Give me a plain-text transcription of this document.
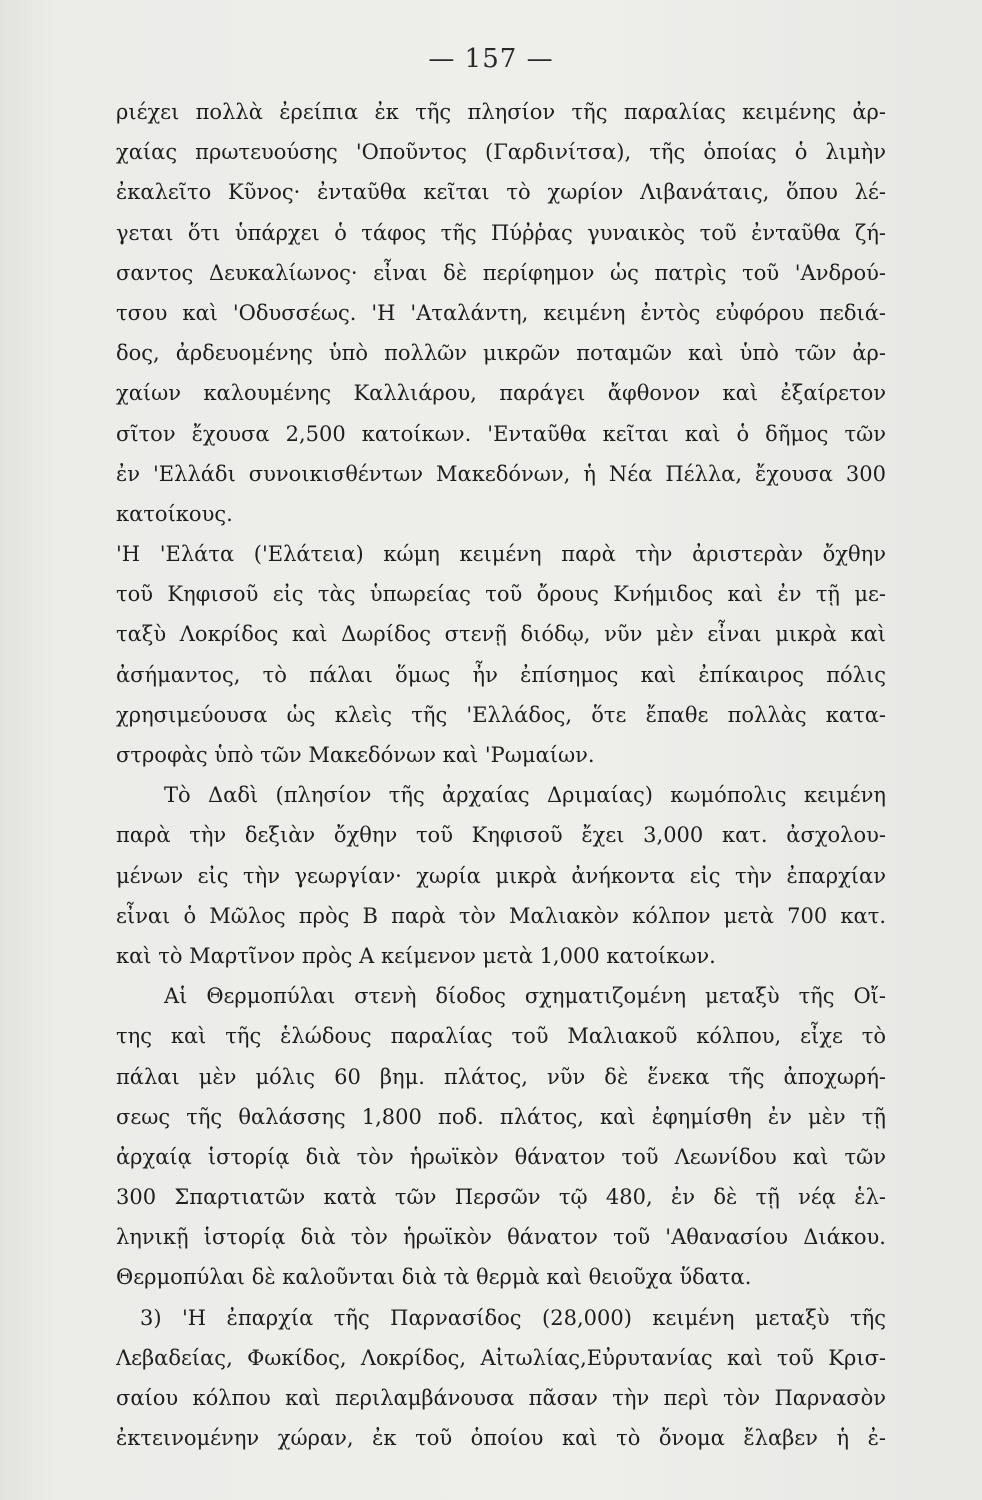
— 157 —
ριέχει πολλὰ ἐρείπια ἐκ τῆς πλησίον τῆς παραλίας κειμένης ἀρ-
χαίας πρωτευούσης 'Οποῦντος (Γαρδινίτσα), τῆς ὁποίας ὁ λιμὴν
ἐκαλεῖτο Κῦνος· ἐνταῦθα κεῖται τὸ χωρίον Λιβανάταις, ὅπου λέ-
γεται ὅτι ὑπάρχει ὁ τάφος τῆς Πύῤῥας γυναικὸς τοῦ ἐνταῦθα ζή-
σαντος Δευκαλίωνος· εἶναι δὲ περίφημον ὡς πατρὶς τοῦ 'Ανδρού-
τσου καὶ 'Οδυσσέως. 'Η 'Αταλάντη, κειμένη ἐντὸς εὐφόρου πεδιά-
δος, ἀρδευομένης ὑπὸ πολλῶν μικρῶν ποταμῶν καὶ ὑπὸ τῶν ἀρ-
χαίων καλουμένης Καλλιάρου, παράγει ἄφθονον καὶ ἐξαίρετον
σῖτον ἔχουσα 2,500 κατοίκων. 'Ενταῦθα κεῖται καὶ ὁ δῆμος τῶν
ἐν 'Ελλάδι συνοικισθέντων Μακεδόνων, ἡ Νέα Πέλλα, ἔχουσα 300
κατοίκους.
'Η 'Ελάτα ('Ελάτεια) κώμη κειμένη παρὰ τὴν ἀριστερὰν ὄχθην
τοῦ Κηφισοῦ εἰς τὰς ὑπωρείας τοῦ ὄρους Κνήμιδος καὶ ἐν τῇ με-
ταξὺ Λοκρίδος καὶ Δωρίδος στενῇ διόδῳ, νῦν μὲν εἶναι μικρὰ καὶ
ἀσήμαντος, τὸ πάλαι ὅμως ἦν ἐπίσημος καὶ ἐπίκαιρος πόλις
χρησιμεύουσα ὡς κλεὶς τῆς 'Ελλάδος, ὅτε ἔπαθε πολλὰς κατα-
στροφὰς ὑπὸ τῶν Μακεδόνων καὶ 'Ρωμαίων.
Τὸ Δαδὶ (πλησίον τῆς ἀρχαίας Δριμαίας) κωμόπολις κειμένη
παρὰ τὴν δεξιὰν ὄχθην τοῦ Κηφισοῦ ἔχει 3,000 κατ. ἀσχολου-
μένων εἰς τὴν γεωργίαν· χωρία μικρὰ ἀνήκοντα εἰς τὴν ἐπαρχίαν
εἶναι ὁ Μῶλος πρὸς Β παρὰ τὸν Μαλιακὸν κόλπον μετὰ 700 κατ.
καὶ τὸ Μαρτῖνον πρὸς Α κείμενον μετὰ 1,000 κατοίκων.
Αἱ Θερμοπύλαι στενὴ δίοδος σχηματιζομένη μεταξὺ τῆς Οἴ-
της καὶ τῆς ἑλώδους παραλίας τοῦ Μαλιακοῦ κόλπου, εἶχε τὸ
πάλαι μὲν μόλις 60 βημ. πλάτος, νῦν δὲ ἕνεκα τῆς ἀποχωρή-
σεως τῆς θαλάσσης 1,800 ποδ. πλάτος, καὶ ἐφημίσθη ἐν μὲν τῇ
ἀρχαίᾳ ἱστορίᾳ διὰ τὸν ἡρωϊκὸν θάνατον τοῦ Λεωνίδου καὶ τῶν
300 Σπαρτιατῶν κατὰ τῶν Περσῶν τῷ 480, ἐν δὲ τῇ νέᾳ ἑλ-
ληνικῇ ἱστορίᾳ διὰ τὸν ἡρωϊκὸν θάνατον τοῦ 'Αθανασίου Διάκου.
Θερμοπύλαι δὲ καλοῦνται διὰ τὰ θερμὰ καὶ θειοῦχα ὕδατα.
3) 'Η ἐπαρχία τῆς Παρνασίδος (28,000) κειμένη μεταξὺ τῆς
Λεβαδείας, Φωκίδος, Λοκρίδος, Αἰτωλίας,Εὐρυτανίας καὶ τοῦ Κρισ-
σαίου κόλπου καὶ περιλαμβάνουσα πᾶσαν τὴν περὶ τὸν Παρνασὸν
ἐκτεινομένην χώραν, ἐκ τοῦ ὁποίου καὶ τὸ ὄνομα ἔλαβεν ἡ ἐ-
